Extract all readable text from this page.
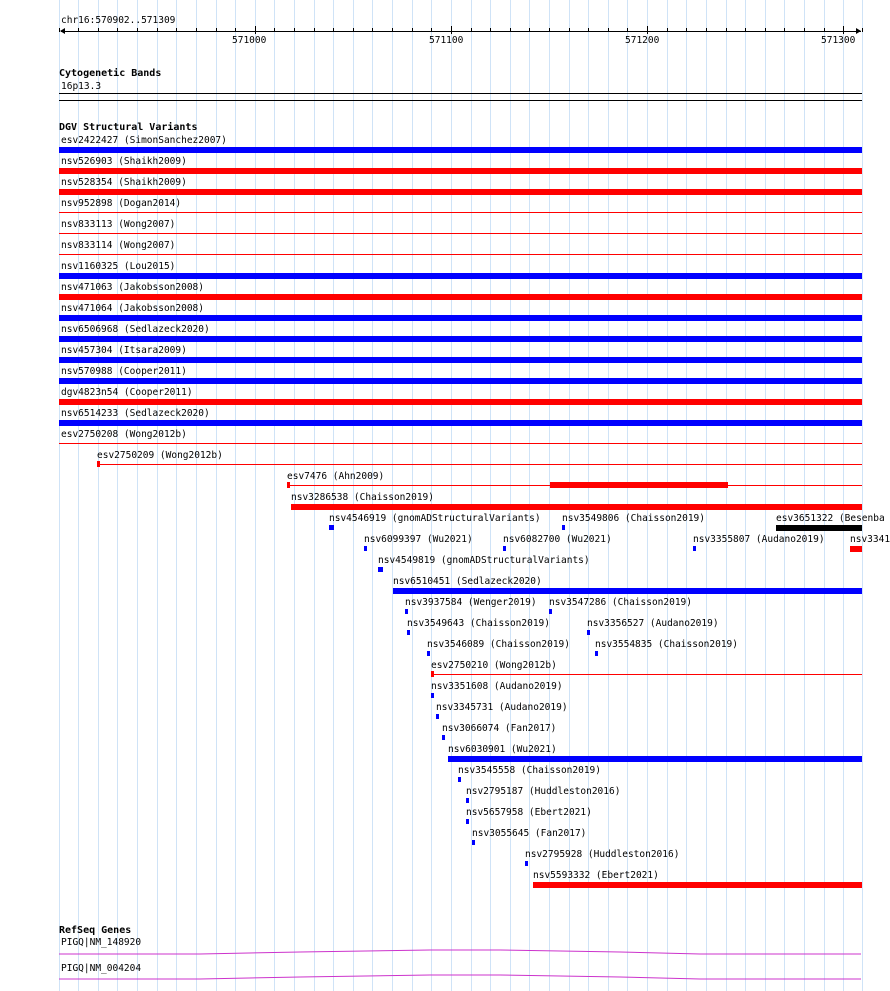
chr16:570902..571309
571000	571100	571200	571300
Cytogenetic Bands
16p13.3
DGV Structural Variants
esv2422427 (SimonSanchez2007)
nsv526903 (Shaikh2009)
nsv528354 (Shaikh2009)
nsv952898 (Dogan2014)
nsv833113 (Wong2007)
nsv833114 (Wong2007)
nsv1160325 (Lou2015)
nsv471063 (Jakobsson2008)
nsv471064 (Jakobsson2008)
nsv6506968 (Sedlazeck2020)
nsv457304 (Itsara2009)
nsv570988 (Cooper2011)
dgv4823n54 (Cooper2011)
nsv6514233 (Sedlazeck2020)
esv2750208 (Wong2012b)
esv2750209 (Wong2012b)
esv7476 (Ahn2009)
nsv3286538 (Chaisson2019)
nsv4546919 (gnomADStructuralVariants) nsv3549806 (Chaisson2019)	esv3651322 (Besenba
nsv6099397 (Wu2021)	nsv6082700 (Wu2021)	nsv3355807 (Audano2019)	nsv3341
nsv4549819 (gnomADStructuralVariants)
nsv6510451 (Sedlazeck2020)
nsv3937584 (Wenger2019) nsv3547286 (Chaisson2019)
nsv3549643 (Chaisson2019)	nsv3356527 (Audano2019)
nsv3546089 (Chaisson2019)	nsv3554835 (Chaisson2019)
esv2750210 (Wong2012b)
nsv3351608 (Audano2019)
nsv3345731 (Audano2019)
nsv3066074 (Fan2017)
nsv6030901 (Wu2021)
nsv3545558 (Chaisson2019)
nsv2795187 (Huddleston2016)
nsv5657958 (Ebert2021)
nsv3055645 (Fan2017)
nsv2795928 (Huddleston2016)
nsv5593332 (Ebert2021)
RefSeq Genes
PIGQ|NM_148920
PIGQ|NM_004204
